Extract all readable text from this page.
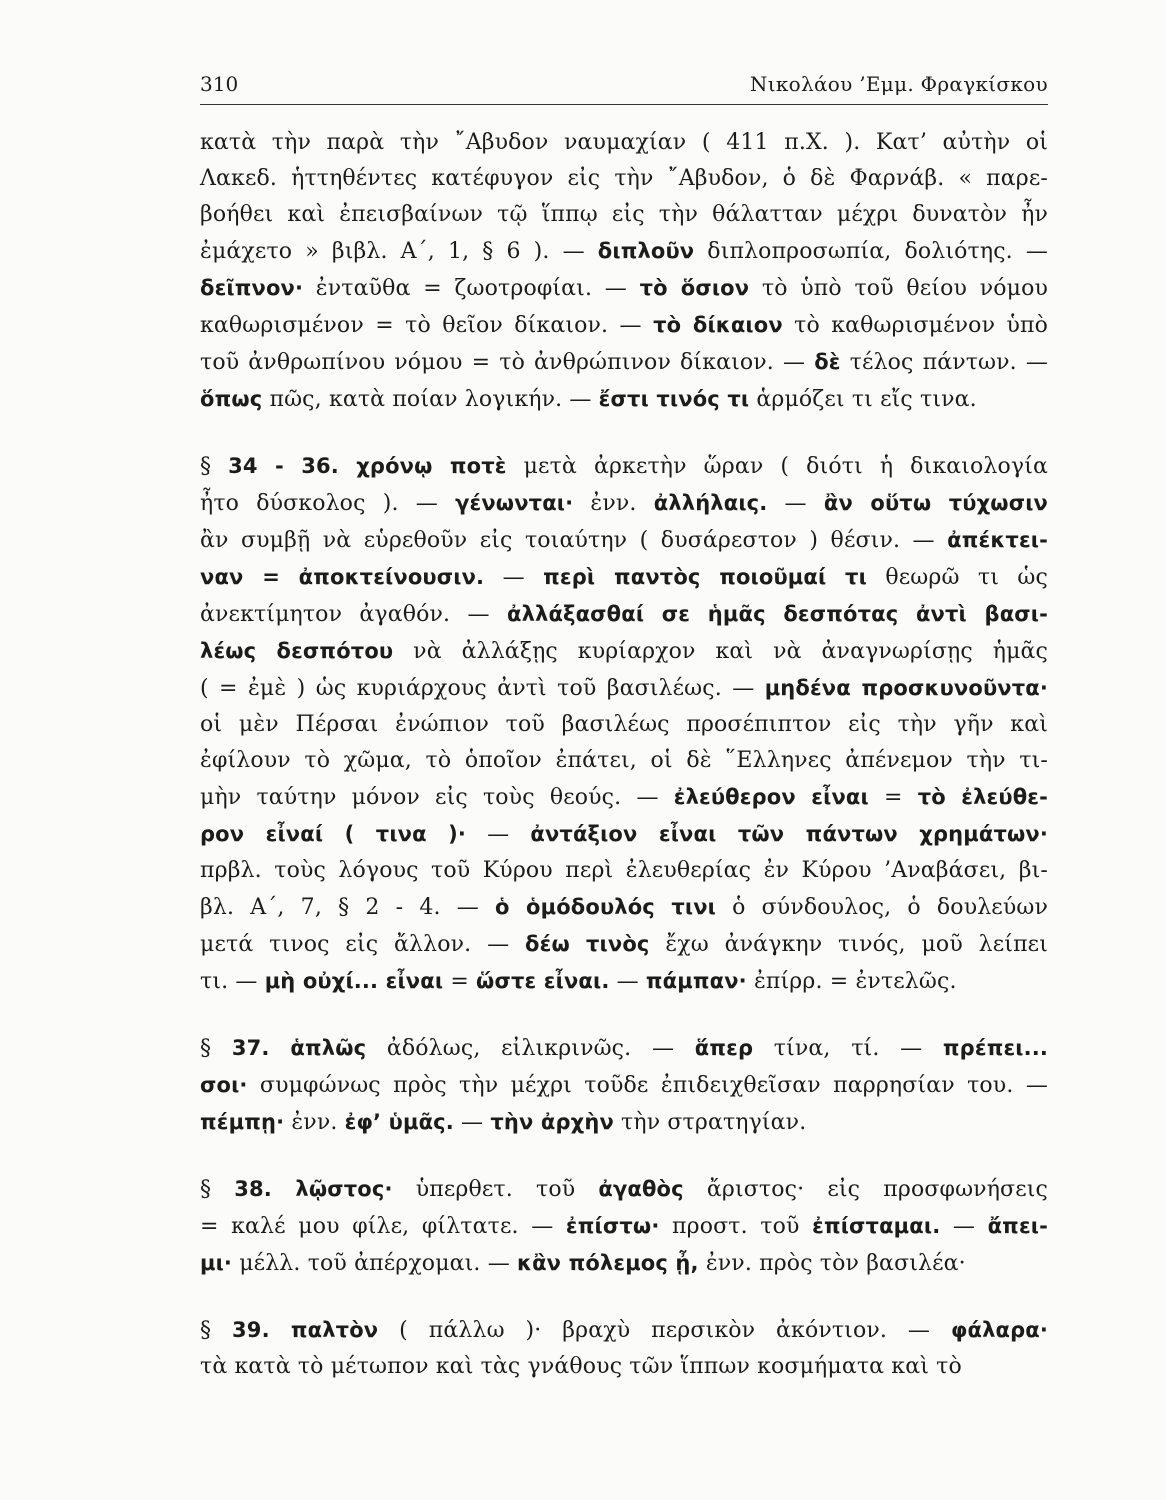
310	Νικολάου ’Εμμ. Φραγκίσκου

κατὰ τὴν παρὰ τὴν ῎Αβυδον ναυμαχίαν ( 411 π.Χ. ). Κατ’ αὐτὴν οἱ
Λακεδ. ἡττηθέντες κατέφυγον εἰς τὴν ῎Αβυδον, ὁ δὲ Φαρνάβ. « παρε-
βοήθει καὶ ἐπεισβαίνων τῷ ἵππῳ εἰς τὴν θάλατταν μέχρι δυνατὸν ἦν
ἐμάχετο » βιβλ. Α΄, 1, § 6 ). — διπλοῦν διπλοπροσωπία, δολιότης. —
δεῖπνον· ἐνταῦθα = ζωοτροφίαι. — τὸ ὅσιον τὸ ὑπὸ τοῦ θείου νόμου
καθωρισμένον = τὸ θεῖον δίκαιον. — τὸ δίκαιον τὸ καθωρισμένον ὑπὸ
τοῦ ἀνθρωπίνου νόμου = τὸ ἀνθρώπινον δίκαιον. — δὲ τέλος πάντων. —
ὅπως πῶς, κατὰ ποίαν λογικήν. — ἔστι τινός τι ἁρμόζει τι εἴς τινα.

§ 34 - 36. χρόνῳ ποτὲ μετὰ ἀρκετὴν ὥραν ( διότι ἡ δικαιολογία
ἦτο δύσκολος ). — γένωνται· ἐνν. ἀλλήλαις. — ἂν οὕτω τύχωσιν
ἂν συμβῇ νὰ εὑρεθοῦν εἰς τοιαύτην ( δυσάρεστον ) θέσιν. — ἀπέκτει-
ναν = ἀποκτείνουσιν. — περὶ παντὸς ποιοῦμαί τι θεωρῶ τι ὡς
ἀνεκτίμητον ἀγαθόν. — ἀλλάξασθαί σε ἡμᾶς δεσπότας ἀντὶ βασι-
λέως δεσπότου νὰ ἀλλάξῃς κυρίαρχον καὶ νὰ ἀναγνωρίσῃς ἡμᾶς
( = ἐμὲ ) ὡς κυριάρχους ἀντὶ τοῦ βασιλέως. — μηδένα προσκυνοῦντα·
οἱ μὲν Πέρσαι ἐνώπιον τοῦ βασιλέως προσέπιπτον εἰς τὴν γῆν καὶ
ἐφίλουν τὸ χῶμα, τὸ ὁποῖον ἐπάτει, οἱ δὲ ῞Ελληνες ἀπένεμον τὴν τι-
μὴν ταύτην μόνον εἰς τοὺς θεούς. — ἐλεύθερον εἶναι = τὸ ἐλεύθε-
ρον εἶναί ( τινα )· — ἀντάξιον εἶναι τῶν πάντων χρημάτων·
πρβλ. τοὺς λόγους τοῦ Κύρου περὶ ἐλευθερίας ἐν Κύρου ’Αναβάσει, βι-
βλ. Α΄, 7, § 2 - 4. — ὁ ὁμόδουλός τινι ὁ σύνδουλος, ὁ δουλεύων
μετά τινος εἰς ἄλλον. — δέω τινὸς ἔχω ἀνάγκην τινός, μοῦ λείπει
τι. — μὴ οὐχί... εἶναι = ὥστε εἶναι. — πάμπαν· ἐπίρρ. = ἐντελῶς.

§ 37. ἁπλῶς ἀδόλως, εἰλικρινῶς. — ἅπερ τίνα, τί. — πρέπει...
σοι· συμφώνως πρὸς τὴν μέχρι τοῦδε ἐπιδειχθεῖσαν παρρησίαν του. —
πέμπῃ· ἐνν. ἐφ’ ὑμᾶς. — τὴν ἀρχὴν τὴν στρατηγίαν.

§ 38. λῷστος· ὑπερθετ. τοῦ ἀγαθὸς ἄριστος· εἰς προσφωνήσεις
= καλέ μου φίλε, φίλτατε. — ἐπίστω· προστ. τοῦ ἐπίσταμαι. — ἄπει-
μι· μέλλ. τοῦ ἀπέρχομαι. — κἂν πόλεμος ᾖ, ἐνν. πρὸς τὸν βασιλέα·

§ 39. παλτὸν ( πάλλω )· βραχὺ περσικὸν ἀκόντιον. — φάλαρα·
τὰ κατὰ τὸ μέτωπον καὶ τὰς γνάθους τῶν ἵππων κοσμήματα καὶ τὸ
